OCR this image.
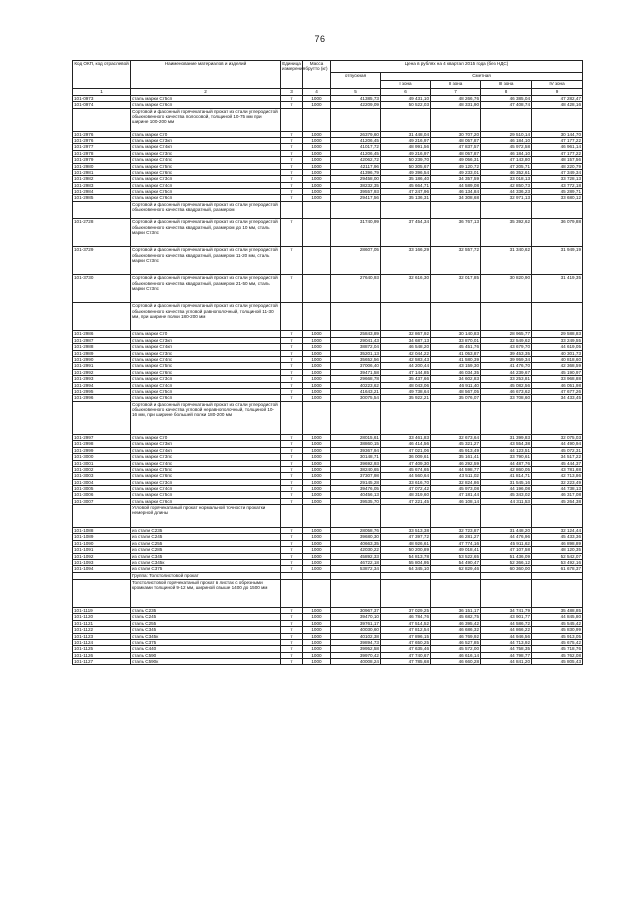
76
Код ОКП, код отраслевой	Наименование материалов и изделий	Единица измерения	Масса брутто (кг)	Цена в рублях на 4 квартал 2015 года (без НДС)				
				отпускная	Сметная			
					I зона	II зона	III зона	IV зона
1	2	3	4	5	6	7	8	9
101-0973	сталь марки Ст5сп	т	1000	41385,73	49 431,10	48 266,76	46 385,04	47 282,47
101-0974	сталь марки Ст6сп	т	1000	42209,09	50 522,03	48 331,90	47 408,74	48 428,16
	Сортовой и фасонный горячекатаный прокат из стали углеродистой обыкновенного качества полосовой, толщиной 10-75 мм при ширине 100-200 мм							
101-2976	сталь марки Ст0	т	1000	26379,60	31 448,04	30 707,20	29 510,14	30 144,70
101-2976	сталь марки Ст3кп	т	1000	41206,45	49 216,97	48 057,87	46 184,10	47 177,22
101-2977	сталь марки Ст4кп	т	1000	41017,72	48 991,56	47 837,57	45 972,58	46 961,14
101-2978	сталь марки Ст3пс	т	1000	41206,45	49 216,97	48 057,87	46 184,10	47 177,22
101-2979	сталь марки Ст4пс	т	1000	42062,72	50 239,70	49 056,31	47 143,80	48 157,56
101-2980	сталь марки Ст5пс	т	1000	42117,96	50 305,67	49 120,72	47 205,71	48 220,79
101-2981	сталь марки Ст6пс	т	1000	41396,79	49 396,54	49 233,01	46 352,61	47 349,34
101-2982	сталь марки Ст3сп	т	1000	29458,00	35 186,40	34 357,59	33 018,13	33 728,13
101-2983	сталь марки Ст4сп	т	1000	38232,35	45 664,71	44 589,08	42 850,73	43 772,18
101-2984	сталь марки Ст5сп	т	1000	39557,93	47 247,96	46 134,84	44 336,23	45 289,71
101-2985	сталь марки Ст6сп	т	1000	29417,56	35 136,31	34 308,68	32 971,13	33 680,12
	Сортовой и фасонный горячекатаный прокат из стали углеродистой обыкновенного качества квадратный, размером							
101-2728	Сортовой и фасонный горячекатаный прокат из стали углеродистой обыкновенного качества квадратный, размером до 10 мм, сталь марки Ст3пс	т		31740,99	37 454,34	36 767,13	35 392,62	36 079,88
101-3729	Сортовой и фасонный горячекатаный прокат из стали углеродистой обыкновенного качества квадратный, размером 11-20 мм, сталь марки Ст3пс	т		28607,05	33 166,29	32 557,72	31 340,62	31 949,19
101-3730	Сортовой и фасонный горячекатаный прокат из стали углеродистой обыкновенного качества квадратный, размером 21-50 мм, сталь марки Ст3пс	т		27640,93	32 616,30	32 017,85	30 820,90	31 419,35
	Сортовой и фасонный горячекатаный прокат из стали углеродистой обыкновенного качества угловой равнополочный, толщиной 11-30 мм, при ширине полки 180-200 мм							
101-2986	сталь марки Ст0	т	1000	25843,89	32 867,92	30 140,83	28 965,77	29 588,83
101-2987	сталь марки Ст3кп	т	1000	29041,43	34 687,13	33 870,01	32 549,62	33 249,55
101-2988	сталь марки Ст4кп	т	1000	38872,04	46 548,20	45 451,76	43 679,70	44 619,05
101-2989	сталь марки Ст3пс	т	1000	35201,13	42 044,22	41 053,87	39 453,35	40 301,73
101-2990	сталь марки Ст4пс	т	1000	35652,56	42 583,43	41 580,39	39 959,34	40 818,60
101-2991	сталь марки Ст5пс	т	1000	37006,40	44 200,44	43 159,30	41 476,70	42 368,59
101-2992	сталь марки Ст6пс	т	1000	39471,58	47 144,85	46 034,35	44 239,67	45 190,97
101-2993	сталь марки Ст3сп	т	1000	29668,78	35 437,66	34 602,83	33 253,81	33 968,88
101-2994	сталь марки Ст4сп	т	1000	40223,62	48 043,06	46 911,40	45 082,56	46 051,98
101-2995	сталь марки Ст5сп	т	1000	41643,21	49 738,64	48 567,05	46 673,62	47 677,26
101-2996	сталь марки Ст6сп	т	1000	30075,54	35 922,21	35 076,07	33 708,60	34 433,45
	Сортовой и фасонный горячекатаный прокат из стали углеродистой обыкновенного качества угловой неравнополочный, толщиной 10-16 мм, при ширине большей полки 180-200 мм							
101-2997	сталь марки Ст0	т	1000	28015,61	33 461,83	32 673,64	31 399,83	32 075,03
101-2998	сталь марки Ст3кп	т	1000	38860,15	46 414,56	45 321,27	43 554,38	44 490,94
101-2999	сталь марки Ст4кп	т	1000	39367,94	47 021,06	45 913,49	44 123,51	45 072,31
101-3000	сталь марки Ст3пс	т	1000	30148,71	36 009,61	35 161,41	33 790,61	34 517,22
101-3001	сталь марки Ст4пс	т	1000	39692,93	47 409,30	46 292,59	44 487,76	45 444,37
101-3002	сталь марки Ст5пс	т	1000	38240,65	45 674,65	44 598,77	42 860,05	43 781,68
101-3003	сталь марки Ст6пс	т	1000	37307,98	44 560,64	43 511,02	41 814,71	42 713,86
101-3004	сталь марки Ст3сп	т	1000	29145,28	33 616,70	32 824,86	31 545,16	32 223,49
101-3005	сталь марки Ст4сп	т	1000	39476,05	47 072,42	45 973,08	44 196,08	44 738,13
101-3006	сталь марки Ст5сп	т	1000	40456,13	48 319,60	47 181,44	45 343,02	46 317,08
101-3007	сталь марки Ст6сп	т	1000	39535,70	47 221,45	46 108,14	44 311,53	45 264,38
	Угловой горячекатаный прокат нормальной точности прокатки немерной длины							
101-1088	из стали С235	т	1000	28058,76	33 513,38	32 723,87	31 448,20	32 124,44
101-1089	из стали С245	т	1000	39680,30	47 397,72	46 281,27	44 476,96	45 433,36
101-1090	из стали С255	т	1000	40663,35	48 926,61	47 774,16	45 911,62	46 898,89
101-1091	из стали С285	т	1000	42030,22	50 200,89	49 018,41	47 107,58	48 120,35
101-1092	из стали С345	т	1000	45892,33	54 813,78	53 522,65	51 436,09	52 542,07
101-1093	из стали С345к	т	1000	46722,18	55 804,95	54 490,47	52 366,12	53 492,16
101-1094	из стали С375	т	1000	53872,34	64 345,10	62 829,46	60 360,00	61 678,37
	Группа: Толстолистовой прокат							
	Толстолистовой горячекатаный прокат в листах с обрезными кромками толщиной 9-12 мм, шириной свыше 1400 до 1500 мм							
101-1119	сталь С235	т	1000	30967,37	37 029,25	36 151,17	34 741,79	35 488,85
101-1120	сталь С245	т	1000	39470,10	46 784,76	45 682,75	43 901,77	44 845,80
101-1121	сталь С255	т	1000	39761,17	47 514,52	46 395,42	44 586,72	45 545,42
101-1122	сталь С345	т	1000	40030,60	47 812,54	46 686,32	44 866,22	45 830,99
101-1123	сталь С345к	т	1000	40102,38	47 896,15	46 769,92	44 946,56	45 913,05
101-1124	сталь С375	т	1000	39894,73	47 650,25	46 527,85	44 713,92	45 675,42
101-1125	сталь С440	т	1000	39952,58	47 635,46	45 572,00	44 758,35	45 718,76
101-1126	сталь С590	т	1000	39970,42	47 740,67	46 616,14	44 798,77	45 762,08
101-1127	сталь С590к	т	1000	40008,24	47 785,68	46 660,28	44 841,20	45 805,43
